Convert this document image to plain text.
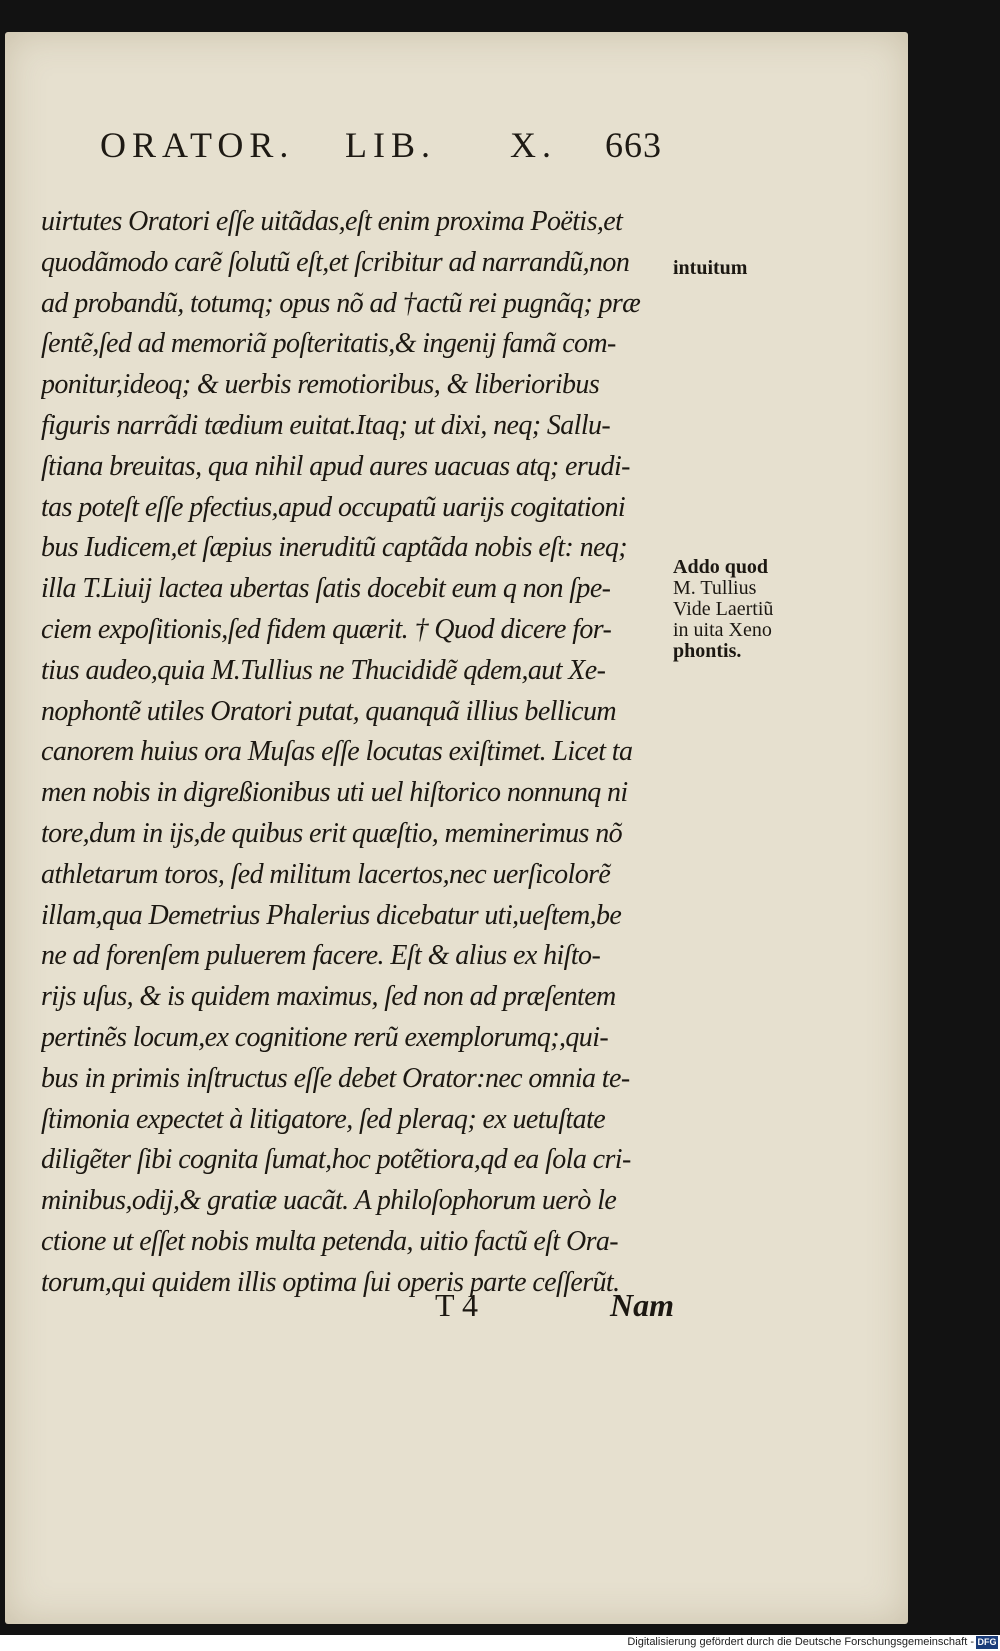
ORATOR. LIB. X. 663
uirtutes Oratori eſſe uitãdas,eſt enim proxima Poëtis,et
quodãmodo carẽ ſolutũ eſt,et ſcribitur ad narrandũ,non
ad probandũ, totumq; opus nõ ad †actũ rei pugnãq; præ
ſentẽ,ſed ad memoriã poſteritatis,& ingenij famã com-
ponitur,ideoq; & uerbis remotioribus, & liberioribus
figuris narrãdi tædium euitat.Itaq; ut dixi, neq; Sallu-
ſtiana breuitas, qua nihil apud aures uacuas atq; erudi-
tas poteſt eſſe pfectius,apud occupatũ uarijs cogitationi
bus Iudicem,et ſæpius ineruditũ captãda nobis eſt: neq;
illa T.Liuij lactea ubertas ſatis docebit eum q non ſpe-
ciem expoſitionis,ſed fidem quærit. † Quod dicere for-
tius audeo,quia M.Tullius ne Thucididẽ qdem,aut Xe-
nophontẽ utiles Oratori putat, quanquã illius bellicum
canorem huius ora Muſas eſſe locutas exiſtimet. Licet ta
men nobis in digreßionibus uti uel hiſtorico nonnunq ni
tore,dum in ijs,de quibus erit quæſtio, meminerimus nõ
athletarum toros, ſed militum lacertos,nec uerſicolorẽ
illam,qua Demetrius Phalerius dicebatur uti,ueſtem,be
ne ad forenſem puluerem facere. Eſt & alius ex hiſto-
rijs uſus, & is quidem maximus, ſed non ad præſentem
pertinẽs locum,ex cognitione rerũ exemplorumq;,qui-
bus in primis inſtructus eſſe debet Orator:nec omnia te-
ſtimonia expectet à litigatore, ſed pleraq; ex uetuſtate
diligẽter ſibi cognita ſumat,hoc potẽtiora,qd ea ſola cri-
minibus,odij,& gratiæ uacãt. A philoſophorum uerò le
ctione ut eſſet nobis multa petenda, uitio factũ eſt Ora-
torum,qui quidem illis optima ſui operis parte ceſſerũt.
intuitum
Addo quod
M. Tullius
Vide Laertiũ
in uita Xeno
phontis.
T 4	Nam
Digitalisierung gefördert durch die Deutsche Forschungsgemeinschaft - DFG
